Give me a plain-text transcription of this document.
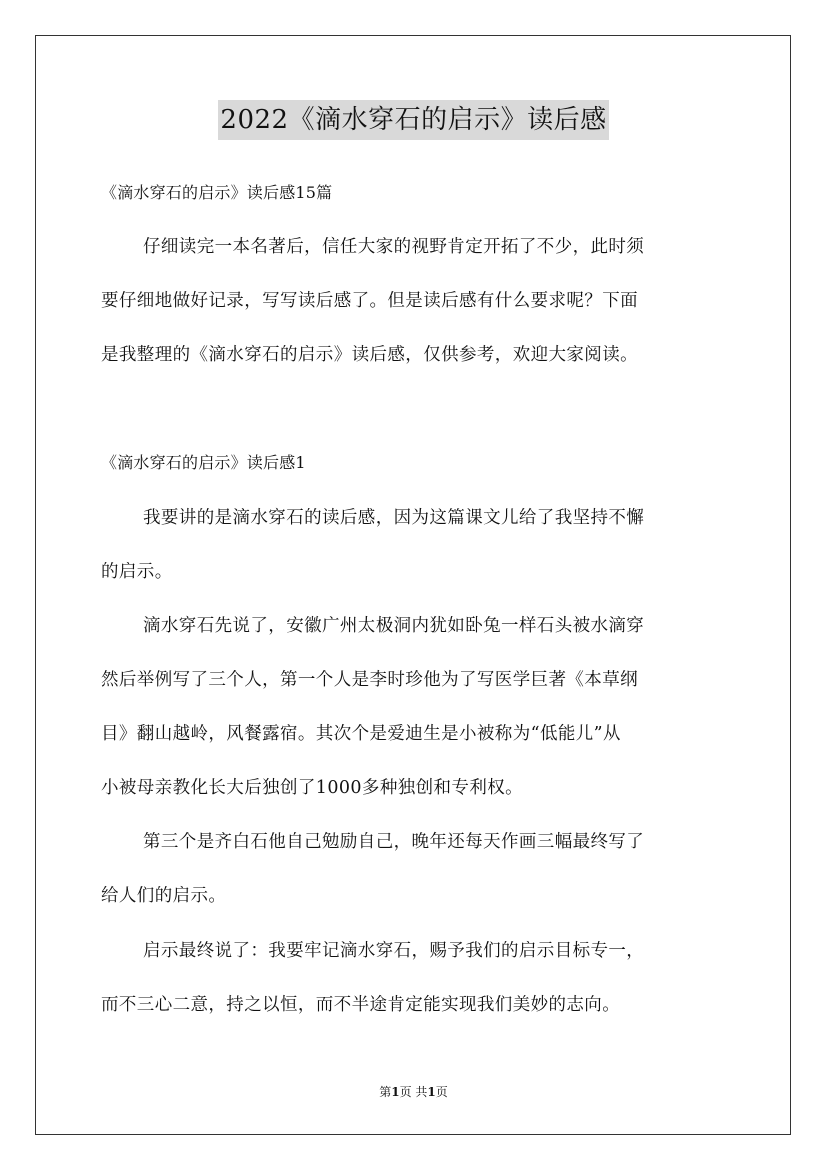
2022《滴水穿石的启示》读后感
《滴水穿石的启示》读后感15篇
仔细读完一本名著后，信任大家的视野肯定开拓了不少，此时须
要仔细地做好记录，写写读后感了。但是读后感有什么要求呢？下面
是我整理的《滴水穿石的启示》读后感，仅供参考，欢迎大家阅读。
《滴水穿石的启示》读后感1
我要讲的是滴水穿石的读后感，因为这篇课文儿给了我坚持不懈
的启示。
滴水穿石先说了，安徽广州太极洞内犹如卧兔一样石头被水滴穿
然后举例写了三个人，第一个人是李时珍他为了写医学巨著《本草纲
目》翻山越岭，风餐露宿。其次个是爱迪生是小被称为“低能儿”从
小被母亲教化长大后独创了1000多种独创和专利权。
第三个是齐白石他自己勉励自己，晚年还每天作画三幅最终写了
给人们的启示。
启示最终说了：我要牢记滴水穿石，赐予我们的启示目标专一，
而不三心二意，持之以恒，而不半途肯定能实现我们美妙的志向。
第1页 共1页
